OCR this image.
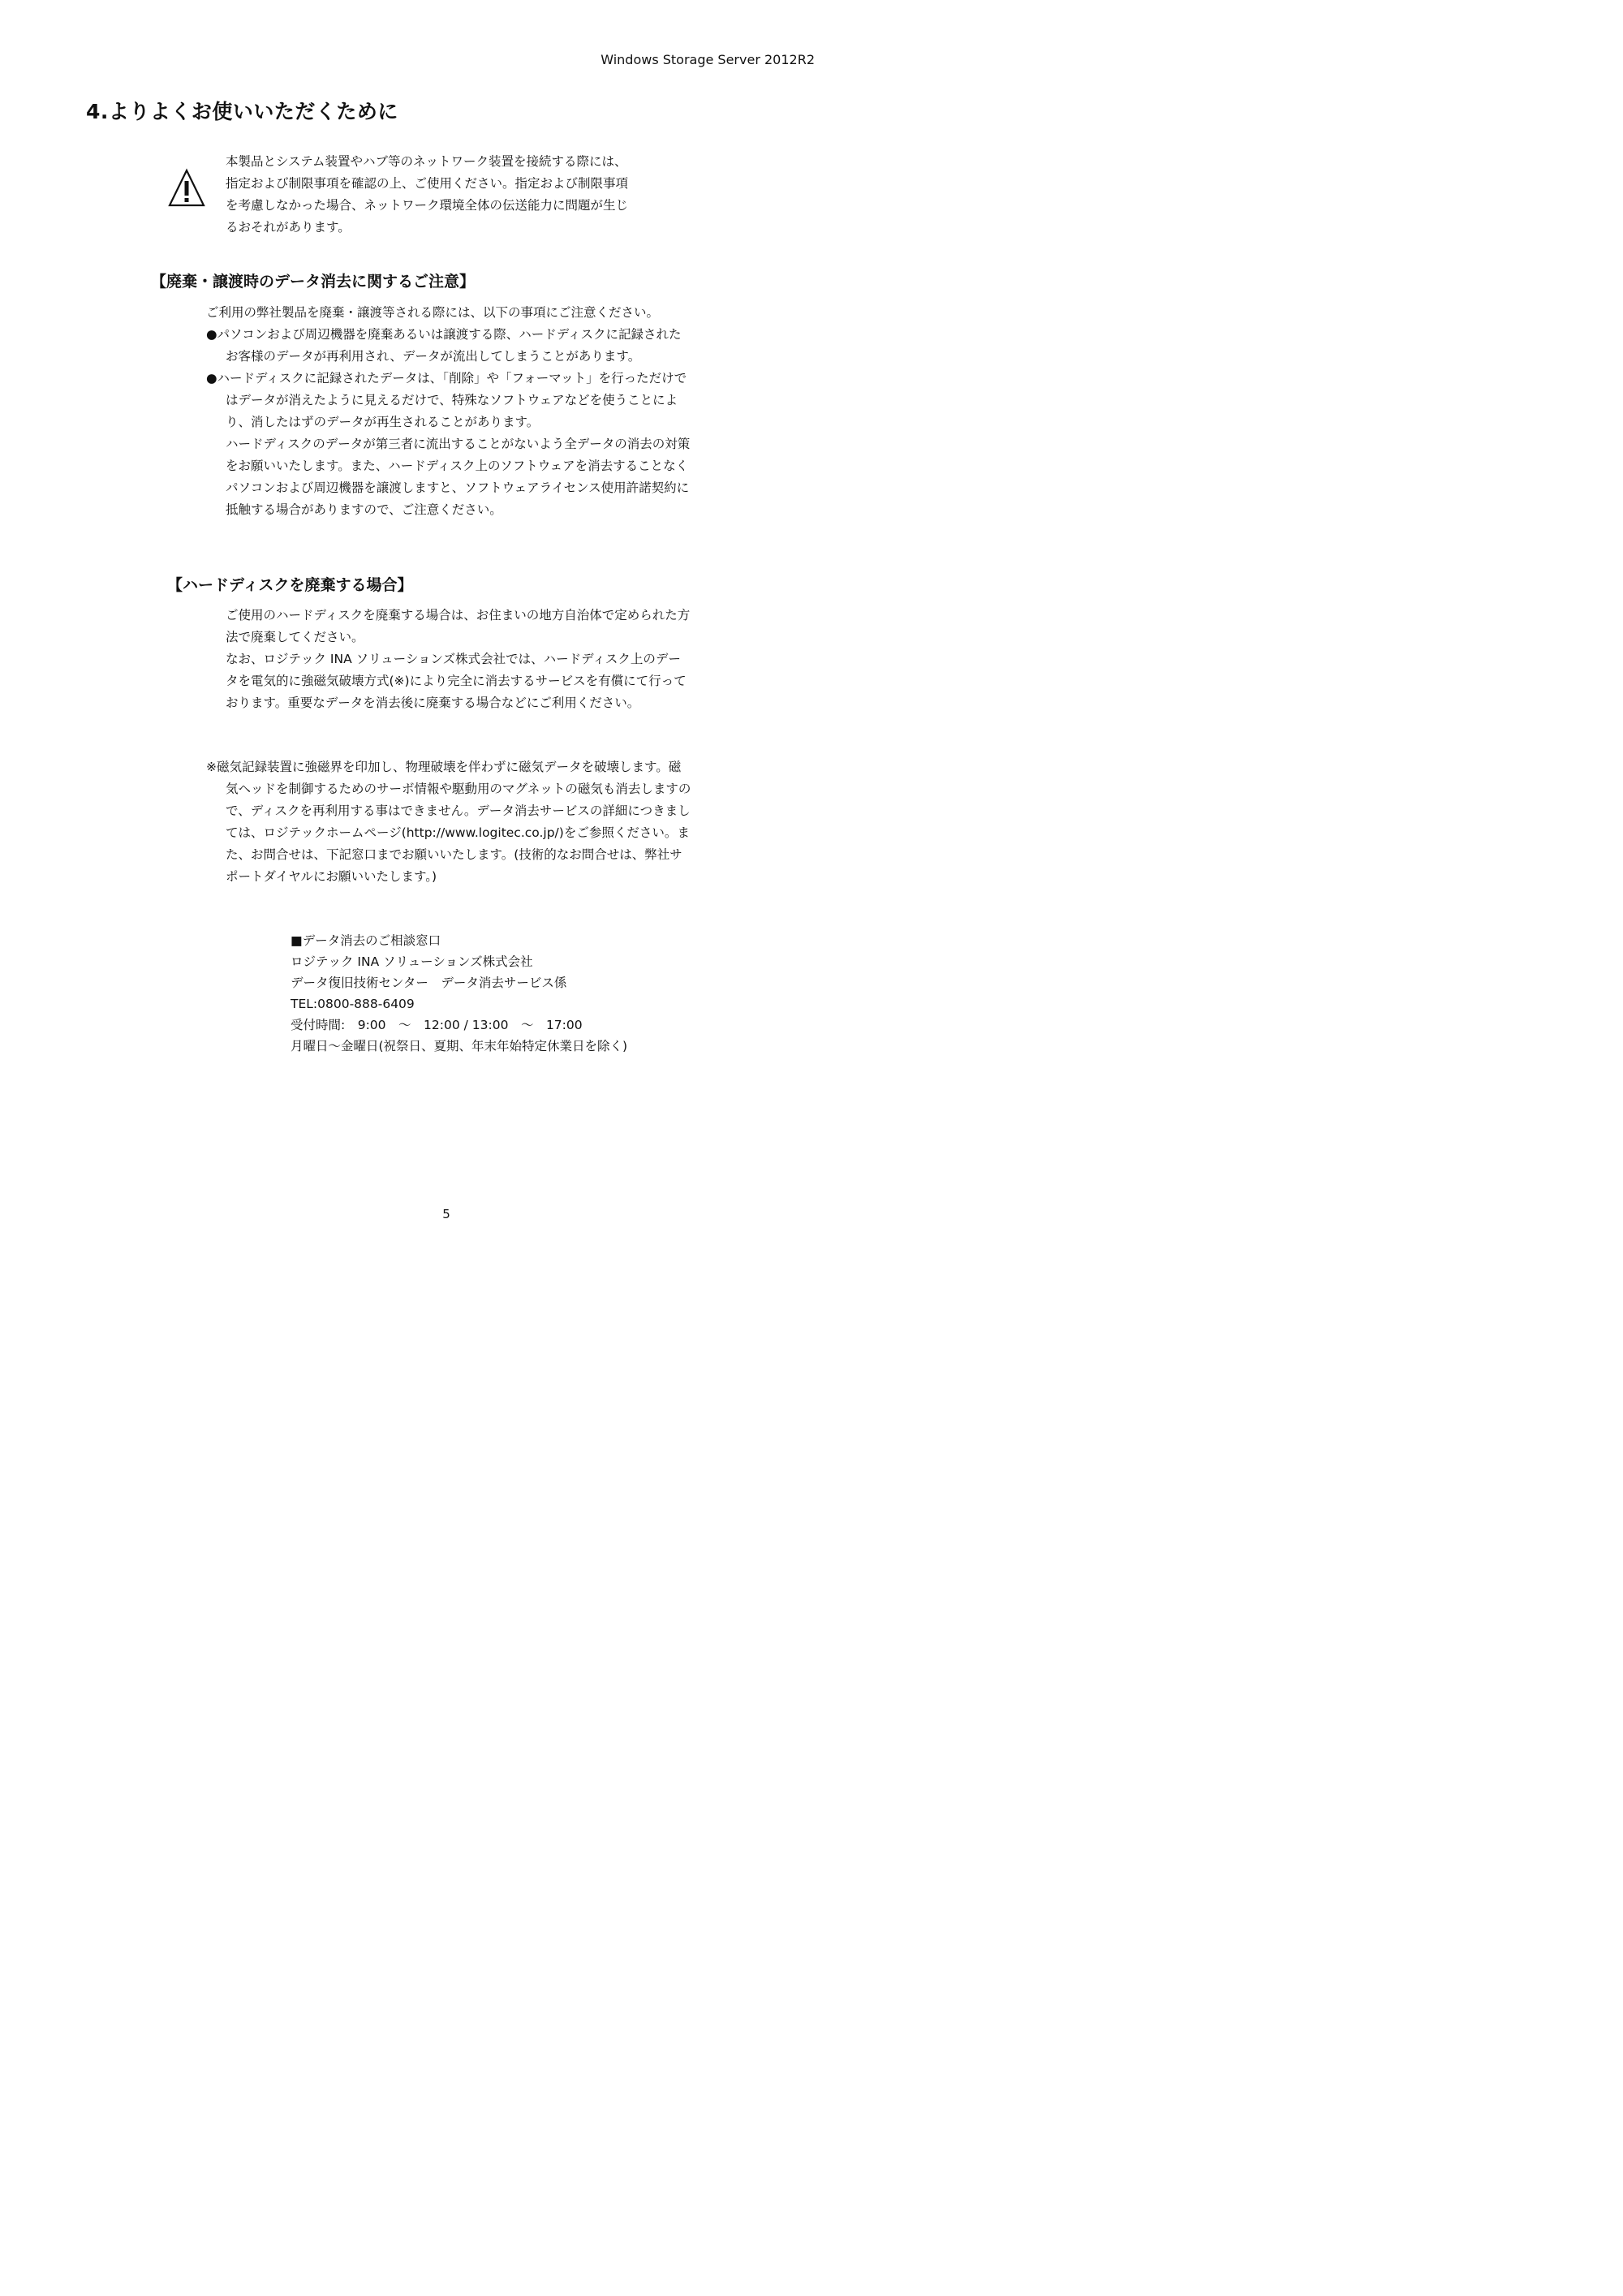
Windows Storage Server 2012R2
4.よりよくお使いいただくために
本製品とシステム装置やハブ等のネットワーク装置を接続する際には、
指定および制限事項を確認の上、ご使用ください。指定および制限事項
を考慮しなかった場合、ネットワーク環境全体の伝送能力に問題が生じ
るおそれがあります。
【廃棄・譲渡時のデータ消去に関するご注意】

ご利用の弊社製品を廃棄・譲渡等される際には、以下の事項にご注意ください。

●パソコンおよび周辺機器を廃棄あるいは譲渡する際、ハードディスクに記録されたお客様のデータが再利用され、データが流出してしまうことがあります。

●ハードディスクに記録されたデータは、「削除」や「フォーマット」を行っただけではデータが消えたように見えるだけで、特殊なソフトウェアなどを使うことにより、消したはずのデータが再生されることがあります。

ハードディスクのデータが第三者に流出することがないよう全データの消去の対策をお願いいたします。また、ハードディスク上のソフトウェアを消去することなくパソコンおよび周辺機器を譲渡しますと、ソフトウェアライセンス使用許諾契約に抵触する場合がありますので、ご注意ください。

【ハードディスクを廃棄する場合】

ご使用のハードディスクを廃棄する場合は、お住まいの地方自治体で定められた方法で廃棄してください。

なお、ロジテック INA ソリューションズ株式会社では、ハードディスク上のデータを電気的に強磁気破壊方式(※)により完全に消去するサービスを有償にて行っております。重要なデータを消去後に廃棄する場合などにご利用ください。

※磁気記録装置に強磁界を印加し、物理破壊を伴わずに磁気データを破壊します。磁気ヘッドを制御するためのサーボ情報や駆動用のマグネットの磁気も消去しますので、ディスクを再利用する事はできません。データ消去サービスの詳細につきましては、ロジテックホームページ(http://www.logitec.co.jp/)をご参照ください。また、お問合せは、下記窓口までお願いいたします。(技術的なお問合せは、弊社サポートダイヤルにお願いいたします。)

■データ消去のご相談窓口
ロジテック INA ソリューションズ株式会社
データ復旧技術センター　データ消去サービス係
TEL:0800-888-6409
受付時間:　9:00　～　12:00 / 13:00　～　17:00
月曜日～金曜日(祝祭日、夏期、年末年始特定休業日を除く)
5
